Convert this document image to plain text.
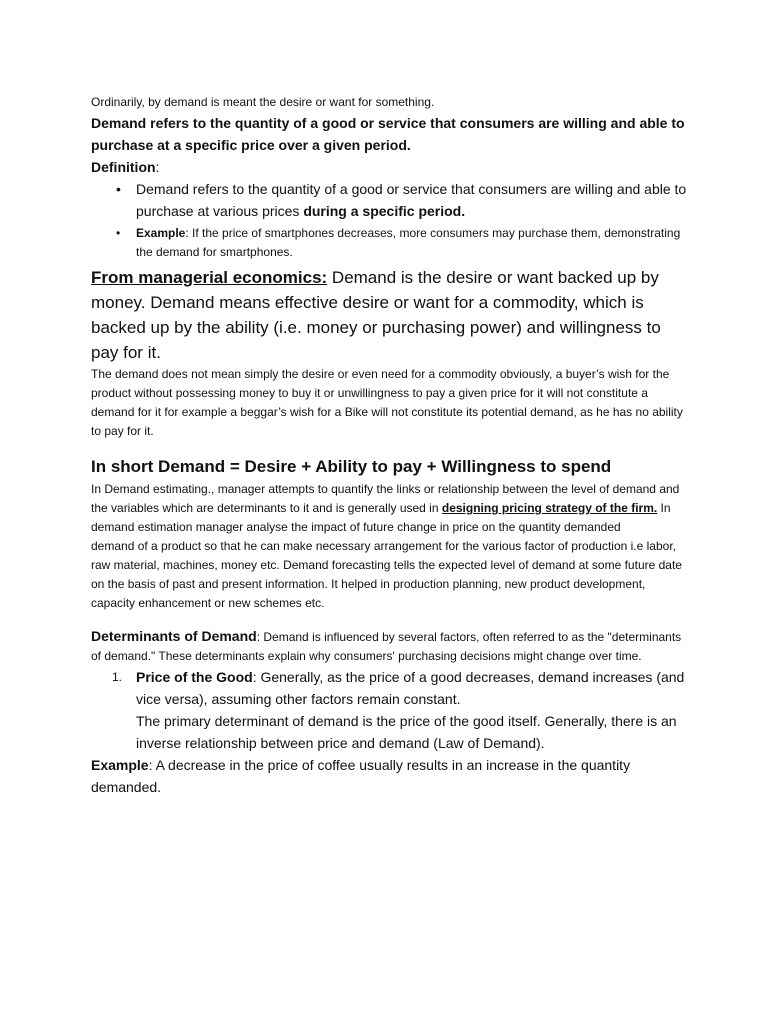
Ordinarily, by demand is meant the desire or want for something.

Demand refers to the quantity of a good or service that consumers are willing and able to purchase at a specific price over a given period.

Definition:

• Demand refers to the quantity of a good or service that consumers are willing and able to purchase at various prices during a specific period.
• Example: If the price of smartphones decreases, more consumers may purchase them, demonstrating the demand for smartphones.

From managerial economics: Demand is the desire or want backed up by money. Demand means effective desire or want for a commodity, which is backed up by the ability (i.e. money or purchasing power) and willingness to pay for it.

The demand does not mean simply the desire or even need for a commodity obviously, a buyer’s wish for the product without possessing money to buy it or unwillingness to pay a given price for it will not constitute a demand for it for example a beggar’s wish for a Bike will not constitute its potential demand, as he has no ability to pay for it.

In short Demand = Desire + Ability to pay + Willingness to spend

In Demand estimating., manager attempts to quantify the links or relationship between the level of demand and the variables which are determinants to it and is generally used in designing pricing strategy of the firm. In demand estimation manager analyse the impact of future change in price on the quantity demanded

demand of a product so that he can make necessary arrangement for the various factor of production i.e labor, raw material, machines, money etc. Demand forecasting tells the expected level of demand at some future date on the basis of past and present information. It helped in production planning, new product development, capacity enhancement or new schemes etc.

Determinants of Demand: Demand is influenced by several factors, often referred to as the "determinants of demand." These determinants explain why consumers' purchasing decisions might change over time.

1. Price of the Good: Generally, as the price of a good decreases, demand increases (and vice versa), assuming other factors remain constant.

The primary determinant of demand is the price of the good itself. Generally, there is an inverse relationship between price and demand (Law of Demand).

Example: A decrease in the price of coffee usually results in an increase in the quantity demanded.
